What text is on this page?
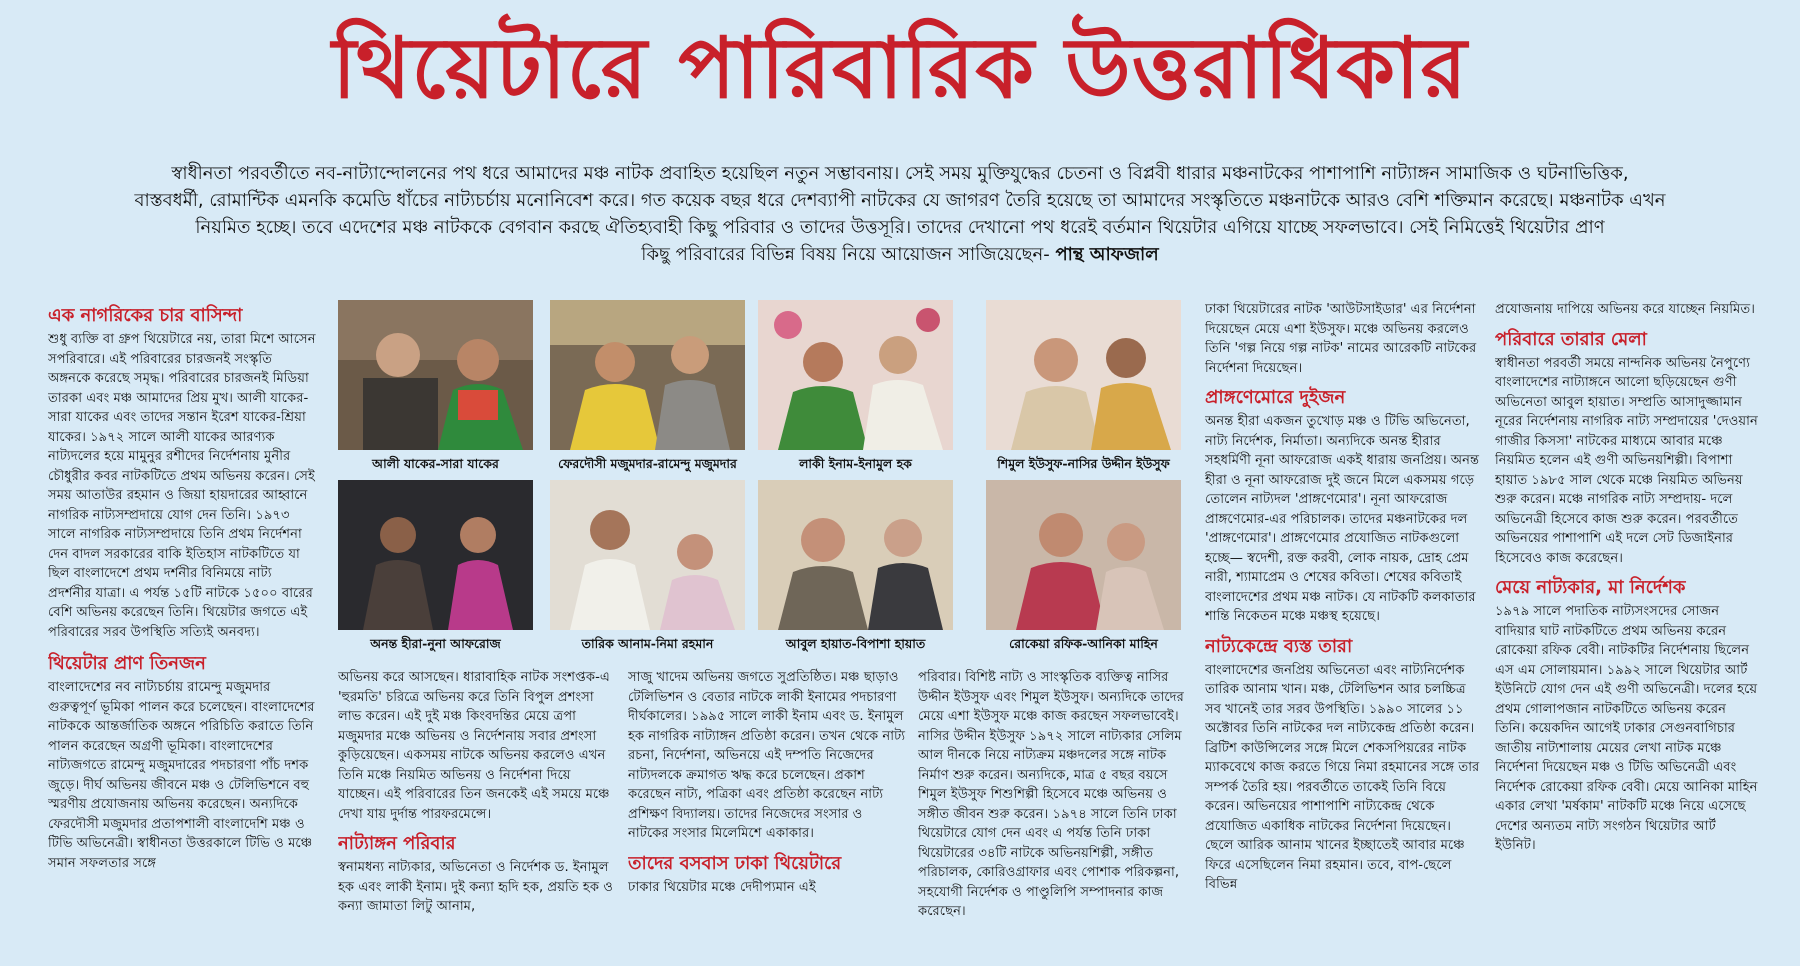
থিয়েটারে পারিবারিক উত্তরাধিকার
স্বাধীনতা পরবর্তীতে নব-নাট্যান্দোলনের পথ ধরে আমাদের মঞ্চ নাটক প্রবাহিত হয়েছিল নতুন সম্ভাবনায়। সেই সময় মুক্তিযুদ্ধের চেতনা ও বিপ্লবী ধারার মঞ্চনাটকের পাশাপাশি নাট্যাঙ্গন সামাজিক ও ঘটনাভিত্তিক,
বাস্তবধর্মী, রোমান্টিক এমনকি কমেডি ধাঁচের নাট্যচর্চায় মনোনিবেশ করে। গত কয়েক বছর ধরে দেশব্যাপী নাটকের যে জাগরণ তৈরি হয়েছে তা আমাদের সংস্কৃতিতে মঞ্চনাটকে আরও বেশি শক্তিমান করেছে। মঞ্চনাটক এখন
নিয়মিত হচ্ছে। তবে এদেশের মঞ্চ নাটককে বেগবান করছে ঐতিহ্যবাহী কিছু পরিবার ও তাদের উত্তসূরি। তাদের দেখানো পথ ধরেই বর্তমান থিয়েটার এগিয়ে যাচ্ছে সফলভাবে। সেই নিমিত্তেই থিয়েটার প্রাণ
কিছু পরিবারের বিভিন্ন বিষয় নিয়ে আয়োজন সাজিয়েছেন- পান্থ আফজাল

এক নাগরিকের চার বাসিন্দা

শুধু ব্যক্তি বা গ্রুপ থিয়েটারে নয়, তারা মিশে আসেন সপরিবারে। এই পরিবারের চারজনই সংস্কৃতি অঙ্গনকে করেছে সমৃদ্ধ। পরিবারের চারজনই মিডিয়া তারকা এবং মঞ্চ আমাদের প্রিয় মুখ। আলী যাকের-সারা যাকের এবং তাদের সন্তান ইরেশ যাকের-শ্রিয়া যাকের। ১৯৭২ সালে আলী যাকের আরণ্যক নাট্যদলের হয়ে মামুনুর রশীদের নির্দেশনায় মুনীর চৌধুরীর কবর নাটকটিতে প্রথম অভিনয় করেন। সেই সময় আতাউর রহমান ও জিয়া হায়দারের আহ্বানে নাগরিক নাট্যসম্প্রদায়ে যোগ দেন তিনি। ১৯৭৩ সালে নাগরিক নাট্যসম্প্রদায়ে তিনি প্রথম নির্দেশনা দেন বাদল সরকারের বাকি ইতিহাস নাটকটিতে যা ছিল বাংলাদেশে প্রথম দর্শনীর বিনিময়ে নাট্য প্রদর্শনীর যাত্রা। এ পর্যন্ত ১৫টি নাটকে ১৫০০ বারের বেশি অভিনয় করেছেন তিনি। থিয়েটার জগতে এই পরিবারের সরব উপস্থিতি সত্যিই অনবদ্য।

থিয়েটার প্রাণ তিনজন

বাংলাদেশের নব নাট্যচর্চায় রামেন্দু মজুমদার গুরুত্বপূর্ণ ভূমিকা পালন করে চলেছেন। বাংলাদেশের নাটককে আন্তর্জাতিক অঙ্গনে পরিচিতি করাতে তিনি পালন করেছেন অগ্রণী ভূমিকা। বাংলাদেশের নাট্যজগতে রামেন্দু মজুমদারের পদচারণা পাঁচ দশক জুড়ে। দীর্ঘ অভিনয় জীবনে মঞ্চ ও টেলিভিশনে বহু স্মরণীয় প্রযোজনায় অভিনয় করেছেন। অন্যদিকে ফেরদৌসী মজুমদার প্রতাপশালী বাংলাদেশি মঞ্চ ও টিভি অভিনেত্রী। স্বাধীনতা উত্তরকালে টিভি ও মঞ্চে সমান সফলতার সঙ্গে

আলী যাকের-সারা যাকের	ফেরদৌসী মজুমদার-রামেন্দু মজুমদার	লাকী ইনাম-ইনামুল হক	শিমুল ইউসুফ-নাসির উদ্দীন ইউসুফ
অনন্ত হীরা-নুনা আফরোজ	তারিক আনাম-নিমা রহমান	আবুল হায়াত-বিপাশা হায়াত	রোকেয়া রফিক-আনিকা মাহিন

অভিনয় করে আসছেন। ধারাবাহিক নাটক সংশপ্তক-এ 'হুরমতি' চরিত্রে অভিনয় করে তিনি বিপুল প্রশংসা লাভ করেন। এই দুই মঞ্চ কিংবদন্তির মেয়ে ত্রপা মজুমদার মঞ্চে অভিনয় ও নির্দেশনায় সবার প্রশংসা কুড়িয়েছেন। একসময় নাটকে অভিনয় করলেও এখন তিনি মঞ্চে নিয়মিত অভিনয় ও নির্দেশনা দিয়ে যাচ্ছেন। এই পরিবারের তিন জনকেই এই সময়ে মঞ্চে দেখা যায় দুর্দান্ত পারফরমেন্সে।

নাট্যাঙ্গন পরিবার

স্বনামধন্য নাট্যকার, অভিনেতা ও নির্দেশক ড. ইনামুল হক এবং লাকী ইনাম। দুই কন্যা হৃদি হক, প্রয়তি হক ও কন্যা জামাতা লিটু আনাম,

সাজু খাদেম অভিনয় জগতে সুপ্রতিষ্ঠিত। মঞ্চ ছাড়াও টেলিভিশন ও বেতার নাটকে লাকী ইনামের পদচারণা দীর্ঘকালের। ১৯৯৫ সালে লাকী ইনাম এবং ড. ইনামুল হক নাগরিক নাট্যাঙ্গন প্রতিষ্ঠা করেন। তখন থেকে নাট্য রচনা, নির্দেশনা, অভিনয়ে এই দম্পতি নিজেদের নাট্যদলকে ক্রমাগত ঋদ্ধ করে চলেছেন। প্রকাশ করেছেন নাট্য, পত্রিকা এবং প্রতিষ্ঠা করেছেন নাট্য প্রশিক্ষণ বিদ্যালয়। তাদের নিজেদের সংসার ও নাটকের সংসার মিলেমিশে একাকার।

তাদের বসবাস ঢাকা থিয়েটারে

ঢাকার থিয়েটার মঞ্চে দেদীপ্যমান এই

পরিবার। বিশিষ্ট নাট্য ও সাংস্কৃতিক ব্যক্তিত্ব নাসির উদ্দীন ইউসুফ এবং শিমুল ইউসুফ। অন্যদিকে তাদের মেয়ে এশা ইউসুফ মঞ্চে কাজ করছেন সফলভাবেই। নাসির উদ্দীন ইউসুফ ১৯৭২ সালে নাট্যকার সেলিম আল দীনকে নিয়ে নাট্যক্রম মঞ্চদলের সঙ্গে নাটক নির্মাণ শুরু করেন। অন্যদিকে, মাত্র ৫ বছর বয়সে শিমুল ইউসুফ শিশুশিল্পী হিসেবে মঞ্চে অভিনয় ও সঙ্গীত জীবন শুরু করেন। ১৯৭৪ সালে তিনি ঢাকা থিয়েটারে যোগ দেন এবং এ পর্যন্ত তিনি ঢাকা থিয়েটারের ৩৪টি নাটকে অভিনয়শিল্পী, সঙ্গীত পরিচালক, কোরিওগ্রাফার এবং পোশাক পরিকল্পনা, সহযোগী নির্দেশক ও পাণ্ডুলিপি সম্পাদনার কাজ করেছেন।

ঢাকা থিয়েটারের নাটক 'আউটসাইডার' এর নির্দেশনা দিয়েছেন মেয়ে এশা ইউসুফ। মঞ্চে অভিনয় করলেও তিনি 'গল্প নিয়ে গল্প নাটক' নামের আরেকটি নাটকের নির্দেশনা দিয়েছেন।

প্রাঙ্গণেমোরে দুইজন

অনন্ত হীরা একজন তুখোড় মঞ্চ ও টিভি অভিনেতা, নাট্য নির্দেশক, নির্মাতা। অন্যদিকে অনন্ত হীরার সহধর্মিণী নূনা আফরোজ একই ধারায় জনপ্রিয়। অনন্ত হীরা ও নূনা আফরোজ দুই জনে মিলে একসময় গড়ে তোলেন নাট্যদল 'প্রাঙ্গণেমোর'। নূনা আফরোজ প্রাঙ্গণেমোর-এর পরিচালক। তাদের মঞ্চনাটকের দল 'প্রাঙ্গণেমোর'। প্রাঙ্গণেমোর প্রযোজিত নাটকগুলো হচ্ছে— স্বদেশী, রক্ত করবী, লোক নায়ক, দ্রোহ প্রেম নারী, শ্যামাপ্রেম ও শেষের কবিতা। শেষের কবিতাই বাংলাদেশের প্রথম মঞ্চ নাটক। যে নাটকটি কলকাতার শান্তি নিকেতন মঞ্চে মঞ্চস্থ হয়েছে।

নাট্যকেন্দ্রে ব্যস্ত তারা

বাংলাদেশের জনপ্রিয় অভিনেতা এবং নাট্যনির্দেশক তারিক আনাম খান। মঞ্চ, টেলিভিশন আর চলচ্চিত্র সব খানেই তার সরব উপস্থিতি। ১৯৯০ সালের ১১ অক্টোবর তিনি নাটকের দল নাট্যকেন্দ্র প্রতিষ্ঠা করেন। ব্রিটিশ কাউন্সিলের সঙ্গে মিলে শেকসপিয়রের নাটক ম্যাকবেথে কাজ করতে গিয়ে নিমা রহমানের সঙ্গে তার সম্পর্ক তৈরি হয়। পরবর্তীতে তাকেই তিনি বিয়ে করেন। অভিনয়ের পাশাপাশি নাট্যকেন্দ্র থেকে প্রযোজিত একাধিক নাটকের নির্দেশনা দিয়েছেন। ছেলে আরিক আনাম খানের ইচ্ছাতেই আবার মঞ্চে ফিরে এসেছিলেন নিমা রহমান। তবে, বাপ-ছেলে বিভিন্ন

প্রযোজনায় দাপিয়ে অভিনয় করে যাচ্ছেন নিয়মিত।

পরিবারে তারার মেলা

স্বাধীনতা পরবর্তী সময়ে নান্দনিক অভিনয় নৈপুণ্যে বাংলাদেশের নাট্যাঙ্গনে আলো ছড়িয়েছেন গুণী অভিনেতা আবুল হায়াত। সম্প্রতি আসাদুজ্জামান নূরের নির্দেশনায় নাগরিক নাট্য সম্প্রদায়ের 'দেওয়ান গাজীর কিসসা' নাটকের মাধ্যমে আবার মঞ্চে নিয়মিত হলেন এই গুণী অভিনয়শিল্পী। বিপাশা হায়াত ১৯৮৫ সাল থেকে মঞ্চে নিয়মিত অভিনয় শুরু করেন। মঞ্চে নাগরিক নাট্য সম্প্রদায়- দলে অভিনেত্রী হিসেবে কাজ শুরু করেন। পরবর্তীতে অভিনয়ের পাশাপাশি এই দলে সেট ডিজাইনার হিসেবেও কাজ করেছেন।

মেয়ে নাট্যকার, মা নির্দেশক

১৯৭৯ সালে পদাতিক নাট্যসংসদের সোজন বাদিয়ার ঘাট নাটকটিতে প্রথম অভিনয় করেন রোকেয়া রফিক বেবী। নাটকটির নির্দেশনায় ছিলেন এস এম সোলায়মান। ১৯৯২ সালে থিয়েটার আর্ট ইউনিটে যোগ দেন এই গুণী অভিনেত্রী। দলের হয়ে প্রথম গোলাপজান নাটকটিতে অভিনয় করেন তিনি। কয়েকদিন আগেই ঢাকার সেগুনবাগিচার জাতীয় নাট্যশালায় মেয়ের লেখা নাটক মঞ্চে নির্দেশনা দিয়েছেন মঞ্চ ও টিভি অভিনেত্রী এবং নির্দেশক রোকেয়া রফিক বেবী। মেয়ে আনিকা মাহিন একার লেখা 'মর্ষকাম' নাটকটি মঞ্চে নিয়ে এসেছে দেশের অন্যতম নাট্য সংগঠন থিয়েটার আর্ট ইউনিট।
